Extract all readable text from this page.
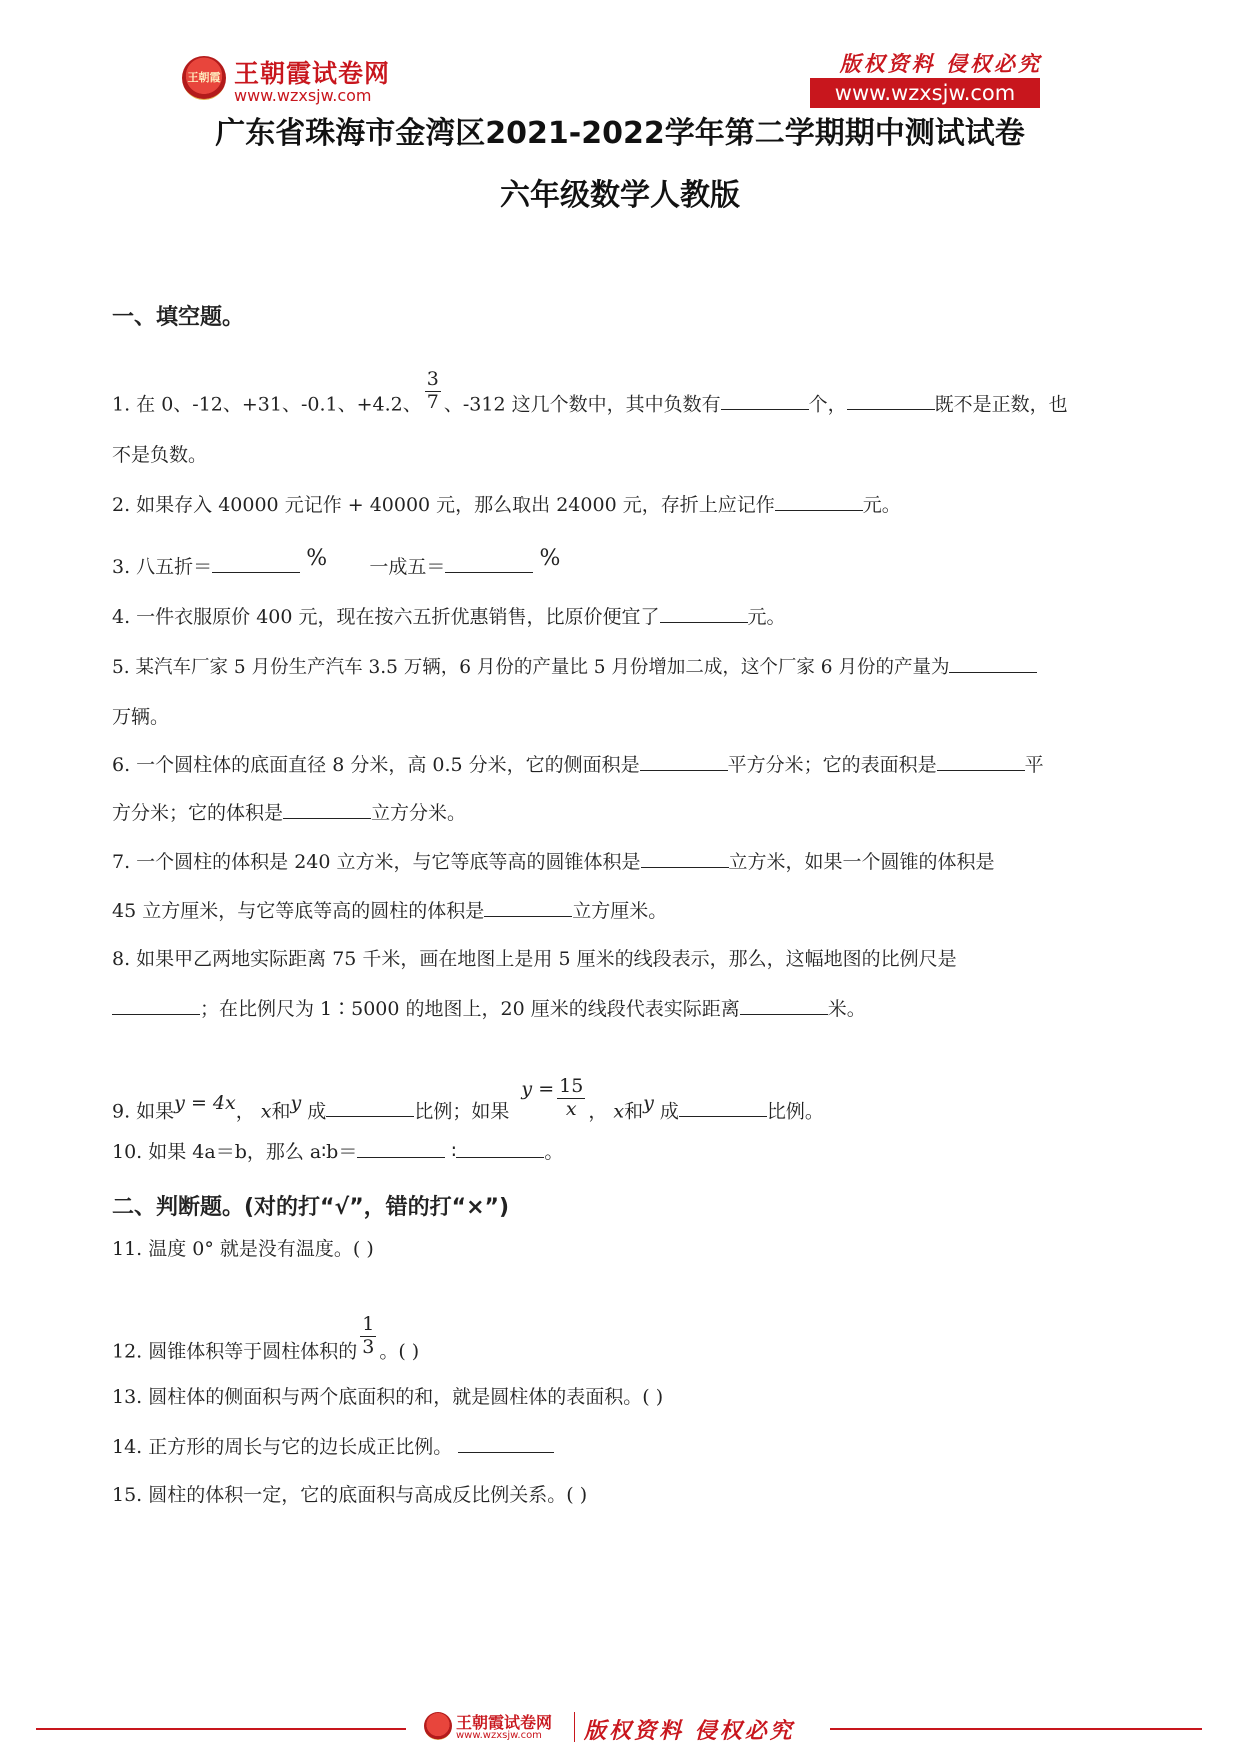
王朝霞 王朝霞试卷网
www.wzxsjw.com
版权资料 侵权必究
www.wzxsjw.com
广东省珠海市金湾区2021-2022学年第二学期期中测试试卷
六年级数学人教版
一、填空题。
1. 在 0、-12、+31、-0.1、+4.2、 $\frac{3}{7}$ 、-312 这几个数中，其中负数有	个，	既不是正数，也
不是负数。
2. 如果存入 40000 元记作 + 40000 元，那么取出 24000 元，存折上应记作	元。
3. 八五折＝	% 一成五＝	%
4. 一件衣服原价 400 元，现在按六五折优惠销售，比原价便宜了	元。
5. 某汽车厂家 5 月份生产汽车 3.5 万辆，6 月份的产量比 5 月份增加二成，这个厂家 6 月份的产量为
万辆。
6. 一个圆柱体的底面直径 8 分米，高 0.5 分米，它的侧面积是	平方分米；它的表面积是	平
方分米；它的体积是	立方分米。
7. 一个圆柱的体积是 240 立方米，与它等底等高的圆锥体积是	立方米，如果一个圆锥的体积是
45 立方厘米，与它等底等高的圆柱的体积是	立方厘米。
8. 如果甲乙两地实际距离 75 千米，画在地图上是用 5 厘米的线段表示，那么，这幅地图的比例尺是
；在比例尺为 1∶5000 的地图上，20 厘米的线段代表实际距离	米。
9. 如果y = 4x， x和y 成	比例；如果  $y = \frac{15}{x}$ ， x和y 成	比例。
10. 如果 4a＝b，那么 a∶b＝	∶	。
二、判断题。(对的打“√”，错的打“×”)
11. 温度 0° 就是没有温度。( )
12. 圆锥体积等于圆柱体积的 $\frac{1}{3}$ 。( )
13. 圆柱体的侧面积与两个底面积的和，就是圆柱体的表面积。( )
14. 正方形的周长与它的边长成正比例。
15. 圆柱的体积一定，它的底面积与高成反比例关系。( )
王朝霞试卷网
www.wzxsjw.com 版权资料 侵权必究
